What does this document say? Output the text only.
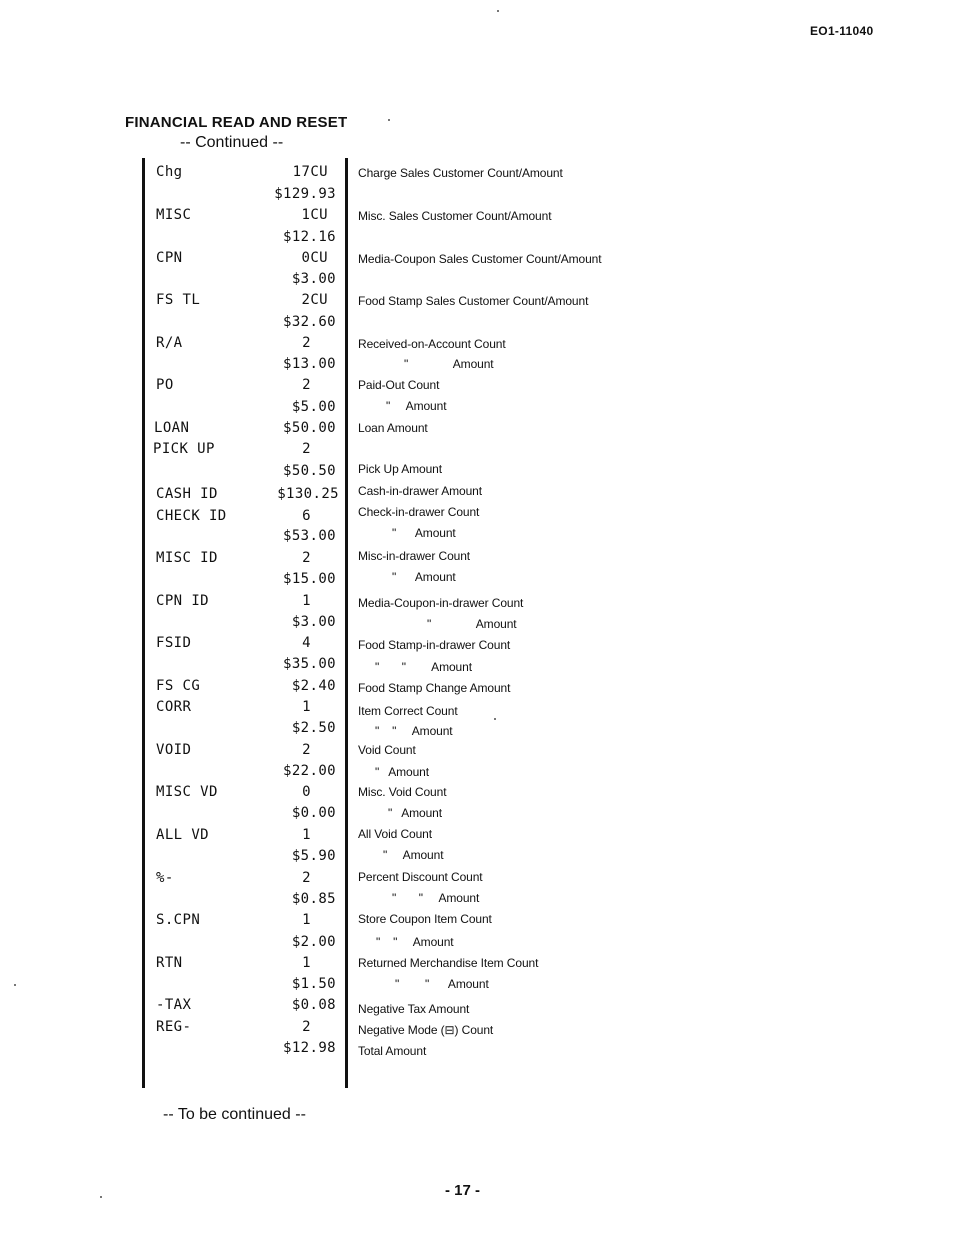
EO1-11040
FINANCIAL READ AND RESET
-- Continued --
Chg
MISC
CPN
FS TL
R/A
PO
LOAN
PICK UP
CASH ID
CHECK ID
MISC ID
CPN ID
FSID
FS CG
CORR
VOID
MISC VD
ALL VD
%-
S.CPN
RTN
-TAX
REG-
17CU
$129.93
1CU
$12.16
0CU
$3.00
2CU
$32.60
2
$13.00
2
$5.00
$50.00
2
$50.50
$130.25
6
$53.00
2
$15.00
1
$3.00
4
$35.00
$2.40
1
$2.50
2
$22.00
0
$0.00
1
$5.90
2
$0.85
1
$2.00
1
$1.50
$0.08
2
$12.98
Charge Sales Customer Count/Amount
Misc. Sales Customer Count/Amount
Media-Coupon Sales Customer Count/Amount
Food Stamp Sales Customer Count/Amount
Received-on-Account Count
"              Amount
Paid-Out Count
"     Amount
Loan Amount
Pick Up Amount
Cash-in-drawer Amount
Check-in-drawer Count
"      Amount
Misc-in-drawer Count
"      Amount
Media-Coupon-in-drawer Count
"              Amount
Food Stamp-in-drawer Count
"       "        Amount
Food Stamp Change Amount
Item Correct Count
"    "     Amount
Void Count
"   Amount
Misc. Void Count
"   Amount
All Void Count
"     Amount
Percent Discount Count
"       "     Amount
Store Coupon Item Count
"    "     Amount
Returned Merchandise Item Count
"        "      Amount
Negative Tax Amount
Negative Mode (⊟) Count
Total Amount
-- To be continued --
- 17 -
